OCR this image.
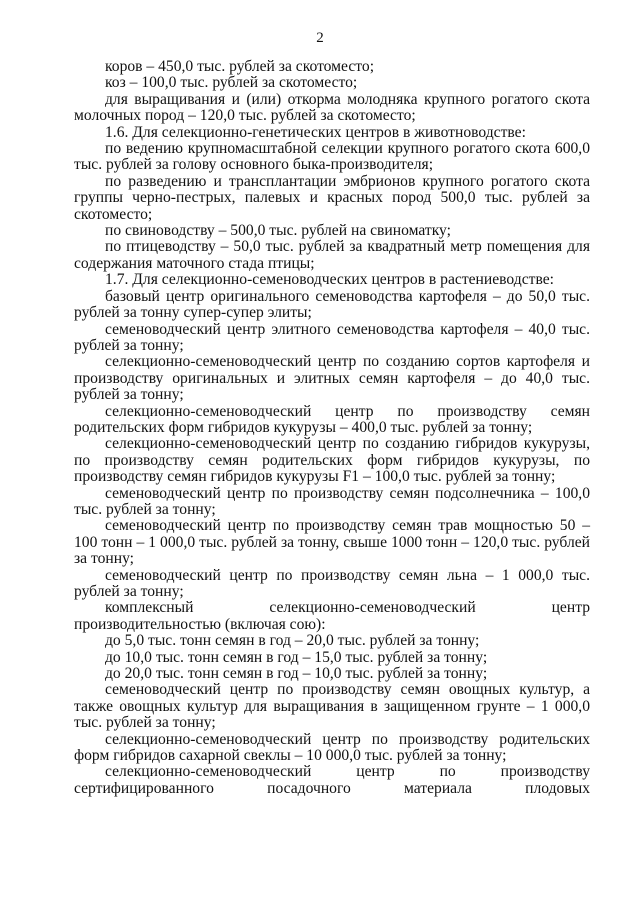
2

коров – 450,0 тыс. рублей за скотоместо;

коз – 100,0 тыс. рублей за скотоместо;

для выращивания и (или) откорма молодняка крупного рогатого скота молочных пород – 120,0 тыс. рублей за скотоместо;

1.6. Для селекционно-генетических центров в животноводстве:

по ведению крупномасштабной селекции крупного рогатого скота 600,0 тыс. рублей за голову основного быка-производителя;

по разведению и трансплантации эмбрионов крупного рогатого скота группы черно-пестрых, палевых и красных пород 500,0 тыс. рублей за скотоместо;

по свиноводству – 500,0 тыс. рублей на свиноматку;

по птицеводству – 50,0 тыс. рублей за квадратный метр помещения для содержания маточного стада птицы;

1.7. Для селекционно-семеноводческих центров в растениеводстве:

базовый центр оригинального семеноводства картофеля – до 50,0 тыс. рублей за тонну супер-супер элиты;

семеноводческий центр элитного семеноводства картофеля – 40,0 тыс. рублей за тонну;

селекционно-семеноводческий центр по созданию сортов картофеля и производству оригинальных и элитных семян картофеля – до 40,0 тыс. рублей за тонну;

селекционно-семеноводческий центр по производству семян родительских форм гибридов кукурузы – 400,0 тыс. рублей за тонну;

селекционно-семеноводческий центр по созданию гибридов кукурузы, по производству семян родительских форм гибридов кукурузы, по производству семян гибридов кукурузы F1 – 100,0 тыс. рублей за тонну;

семеноводческий центр по производству семян подсолнечника – 100,0 тыс. рублей за тонну;

семеноводческий центр по производству семян трав мощностью 50 – 100 тонн – 1 000,0 тыс. рублей за тонну, свыше 1000 тонн – 120,0 тыс. рублей за тонну;

семеноводческий центр по производству семян льна – 1 000,0 тыс. рублей за тонну;

комплексный селекционно-семеноводческий центр производительностью (включая сою):

до 5,0 тыс. тонн семян в год – 20,0 тыс. рублей за тонну;

до 10,0 тыс. тонн семян в год – 15,0 тыс. рублей за тонну;

до 20,0 тыс. тонн семян в год – 10,0 тыс. рублей за тонну;

семеноводческий центр по производству семян овощных культур, а также овощных культур для выращивания в защищенном грунте – 1 000,0 тыс. рублей за тонну;

селекционно-семеноводческий центр по производству родительских форм гибридов сахарной свеклы – 10 000,0 тыс. рублей за тонну;

селекционно-семеноводческий центр по производству сертифицированного посадочного материала плодовых
